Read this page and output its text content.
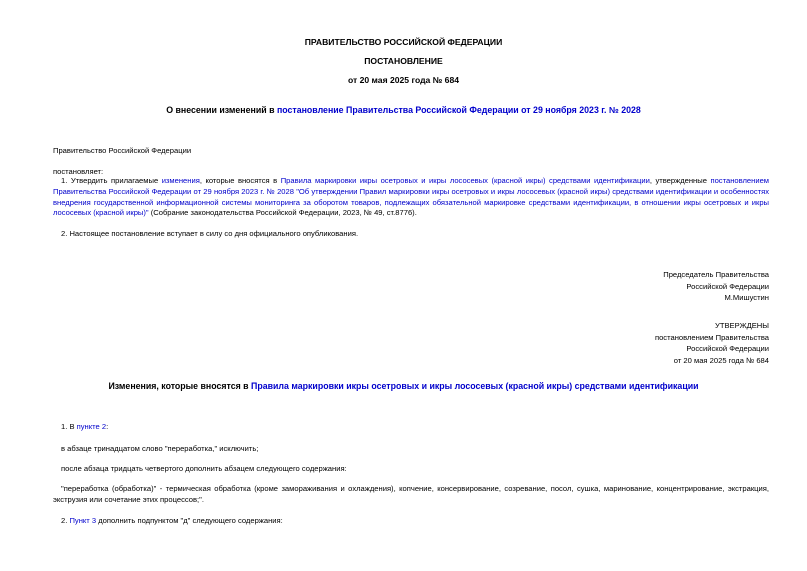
ПРАВИТЕЛЬСТВО РОССИЙСКОЙ ФЕДЕРАЦИИ
ПОСТАНОВЛЕНИЕ
от 20 мая 2025 года № 684
О внесении изменений в постановление Правительства Российской Федерации от 29 ноября 2023 г. № 2028
Правительство Российской Федерации
постановляет:
1. Утвердить прилагаемые изменения, которые вносятся в Правила маркировки икры осетровых и икры лососевых (красной икры) средствами идентификации, утвержденные постановлением Правительства Российской Федерации от 29 ноября 2023 г. № 2028 "Об утверждении Правил маркировки икры осетровых и икры лососевых (красной икры) средствами идентификации и особенностях внедрения государственной информационной системы мониторинга за оборотом товаров, подлежащих обязательной маркировке средствами идентификации, в отношении икры осетровых и икры лососевых (красной икры)" (Собрание законодательства Российской Федерации, 2023, № 49, ст.8776).
2. Настоящее постановление вступает в силу со дня официального опубликования.
Председатель Правительства
Российской Федерации
М.Мишустин
УТВЕРЖДЕНЫ
постановлением Правительства
Российской Федерации
от 20 мая 2025 года № 684
Изменения, которые вносятся в Правила маркировки икры осетровых и икры лососевых (красной икры) средствами идентификации
1. В пункте 2:
в абзаце тринадцатом слово "переработка," исключить;
после абзаца тридцать четвертого дополнить абзацем следующего содержания:
"переработка (обработка)" - термическая обработка (кроме замораживания и охлаждения), копчение, консервирование, созревание, посол, сушка, маринование, концентрирование, экстракция, экструзия или сочетание этих процессов;".
2. Пункт 3 дополнить подпунктом "д" следующего содержания:
